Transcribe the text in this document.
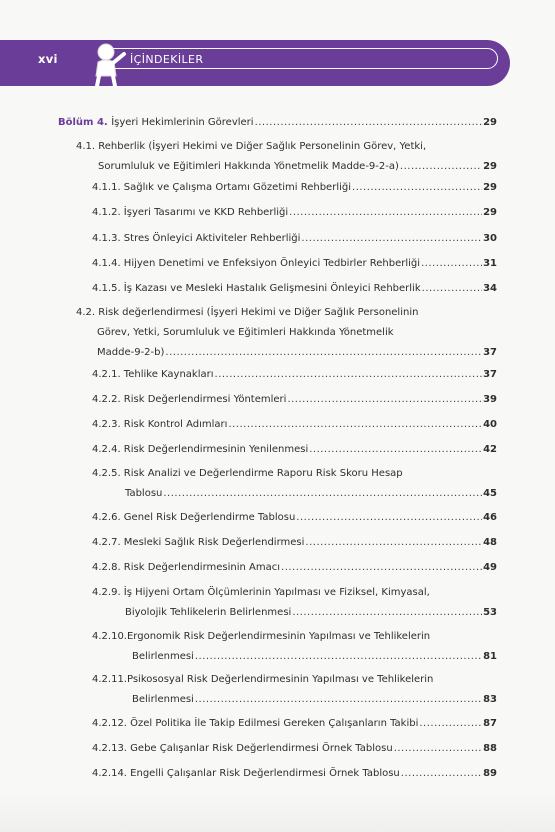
xvi	İÇİNDEKİLER
Bölüm 4. İşyeri Hekimlerinin Görevleri .....	29
4.1. Rehberlik (İşyeri Hekimi ve Diğer Sağlık Personelinin Görev, Yetki,
Sorumluluk ve Eğitimleri Hakkında Yönetmelik Madde-9-2-a) .....	29
4.1.1. Sağlık ve Çalışma Ortamı Gözetimi Rehberliği .....	29
4.1.2. İşyeri Tasarımı ve KKD Rehberliği .....	29
4.1.3. Stres Önleyici Aktiviteler Rehberliği .....	30
4.1.4. Hijyen Denetimi ve Enfeksiyon Önleyici Tedbirler Rehberliği .....	31
4.1.5. İş Kazası ve Mesleki Hastalık Gelişmesini Önleyici Rehberlik .....	34
4.2. Risk değerlendirmesi (İşyeri Hekimi ve Diğer Sağlık Personelinin
Görev, Yetki, Sorumluluk ve Eğitimleri Hakkında Yönetmelik
Madde-9-2-b) .....	37
4.2.1. Tehlike Kaynakları .....	37
4.2.2. Risk Değerlendirmesi Yöntemleri .....	39
4.2.3. Risk Kontrol Adımları .....	40
4.2.4. Risk Değerlendirmesinin Yenilenmesi .....	42
4.2.5. Risk Analizi ve Değerlendirme Raporu Risk Skoru Hesap
Tablosu .....	45
4.2.6. Genel Risk Değerlendirme Tablosu .....	46
4.2.7. Mesleki Sağlık Risk Değerlendirmesi .....	48
4.2.8. Risk Değerlendirmesinin Amacı .....	49
4.2.9. İş Hijyeni Ortam Ölçümlerinin Yapılması ve Fiziksel, Kimyasal,
Biyolojik Tehlikelerin Belirlenmesi .....	53
4.2.10.Ergonomik Risk Değerlendirmesinin Yapılması ve Tehlikelerin
Belirlenmesi .....	81
4.2.11.Psikososyal Risk Değerlendirmesinin Yapılması ve Tehlikelerin
Belirlenmesi .....	83
4.2.12. Özel Politika İle Takip Edilmesi Gereken Çalışanların Takibi .....	87
4.2.13. Gebe Çalışanlar Risk Değerlendirmesi Örnek Tablosu .....	88
4.2.14. Engelli Çalışanlar Risk Değerlendirmesi Örnek Tablosu .....	89
